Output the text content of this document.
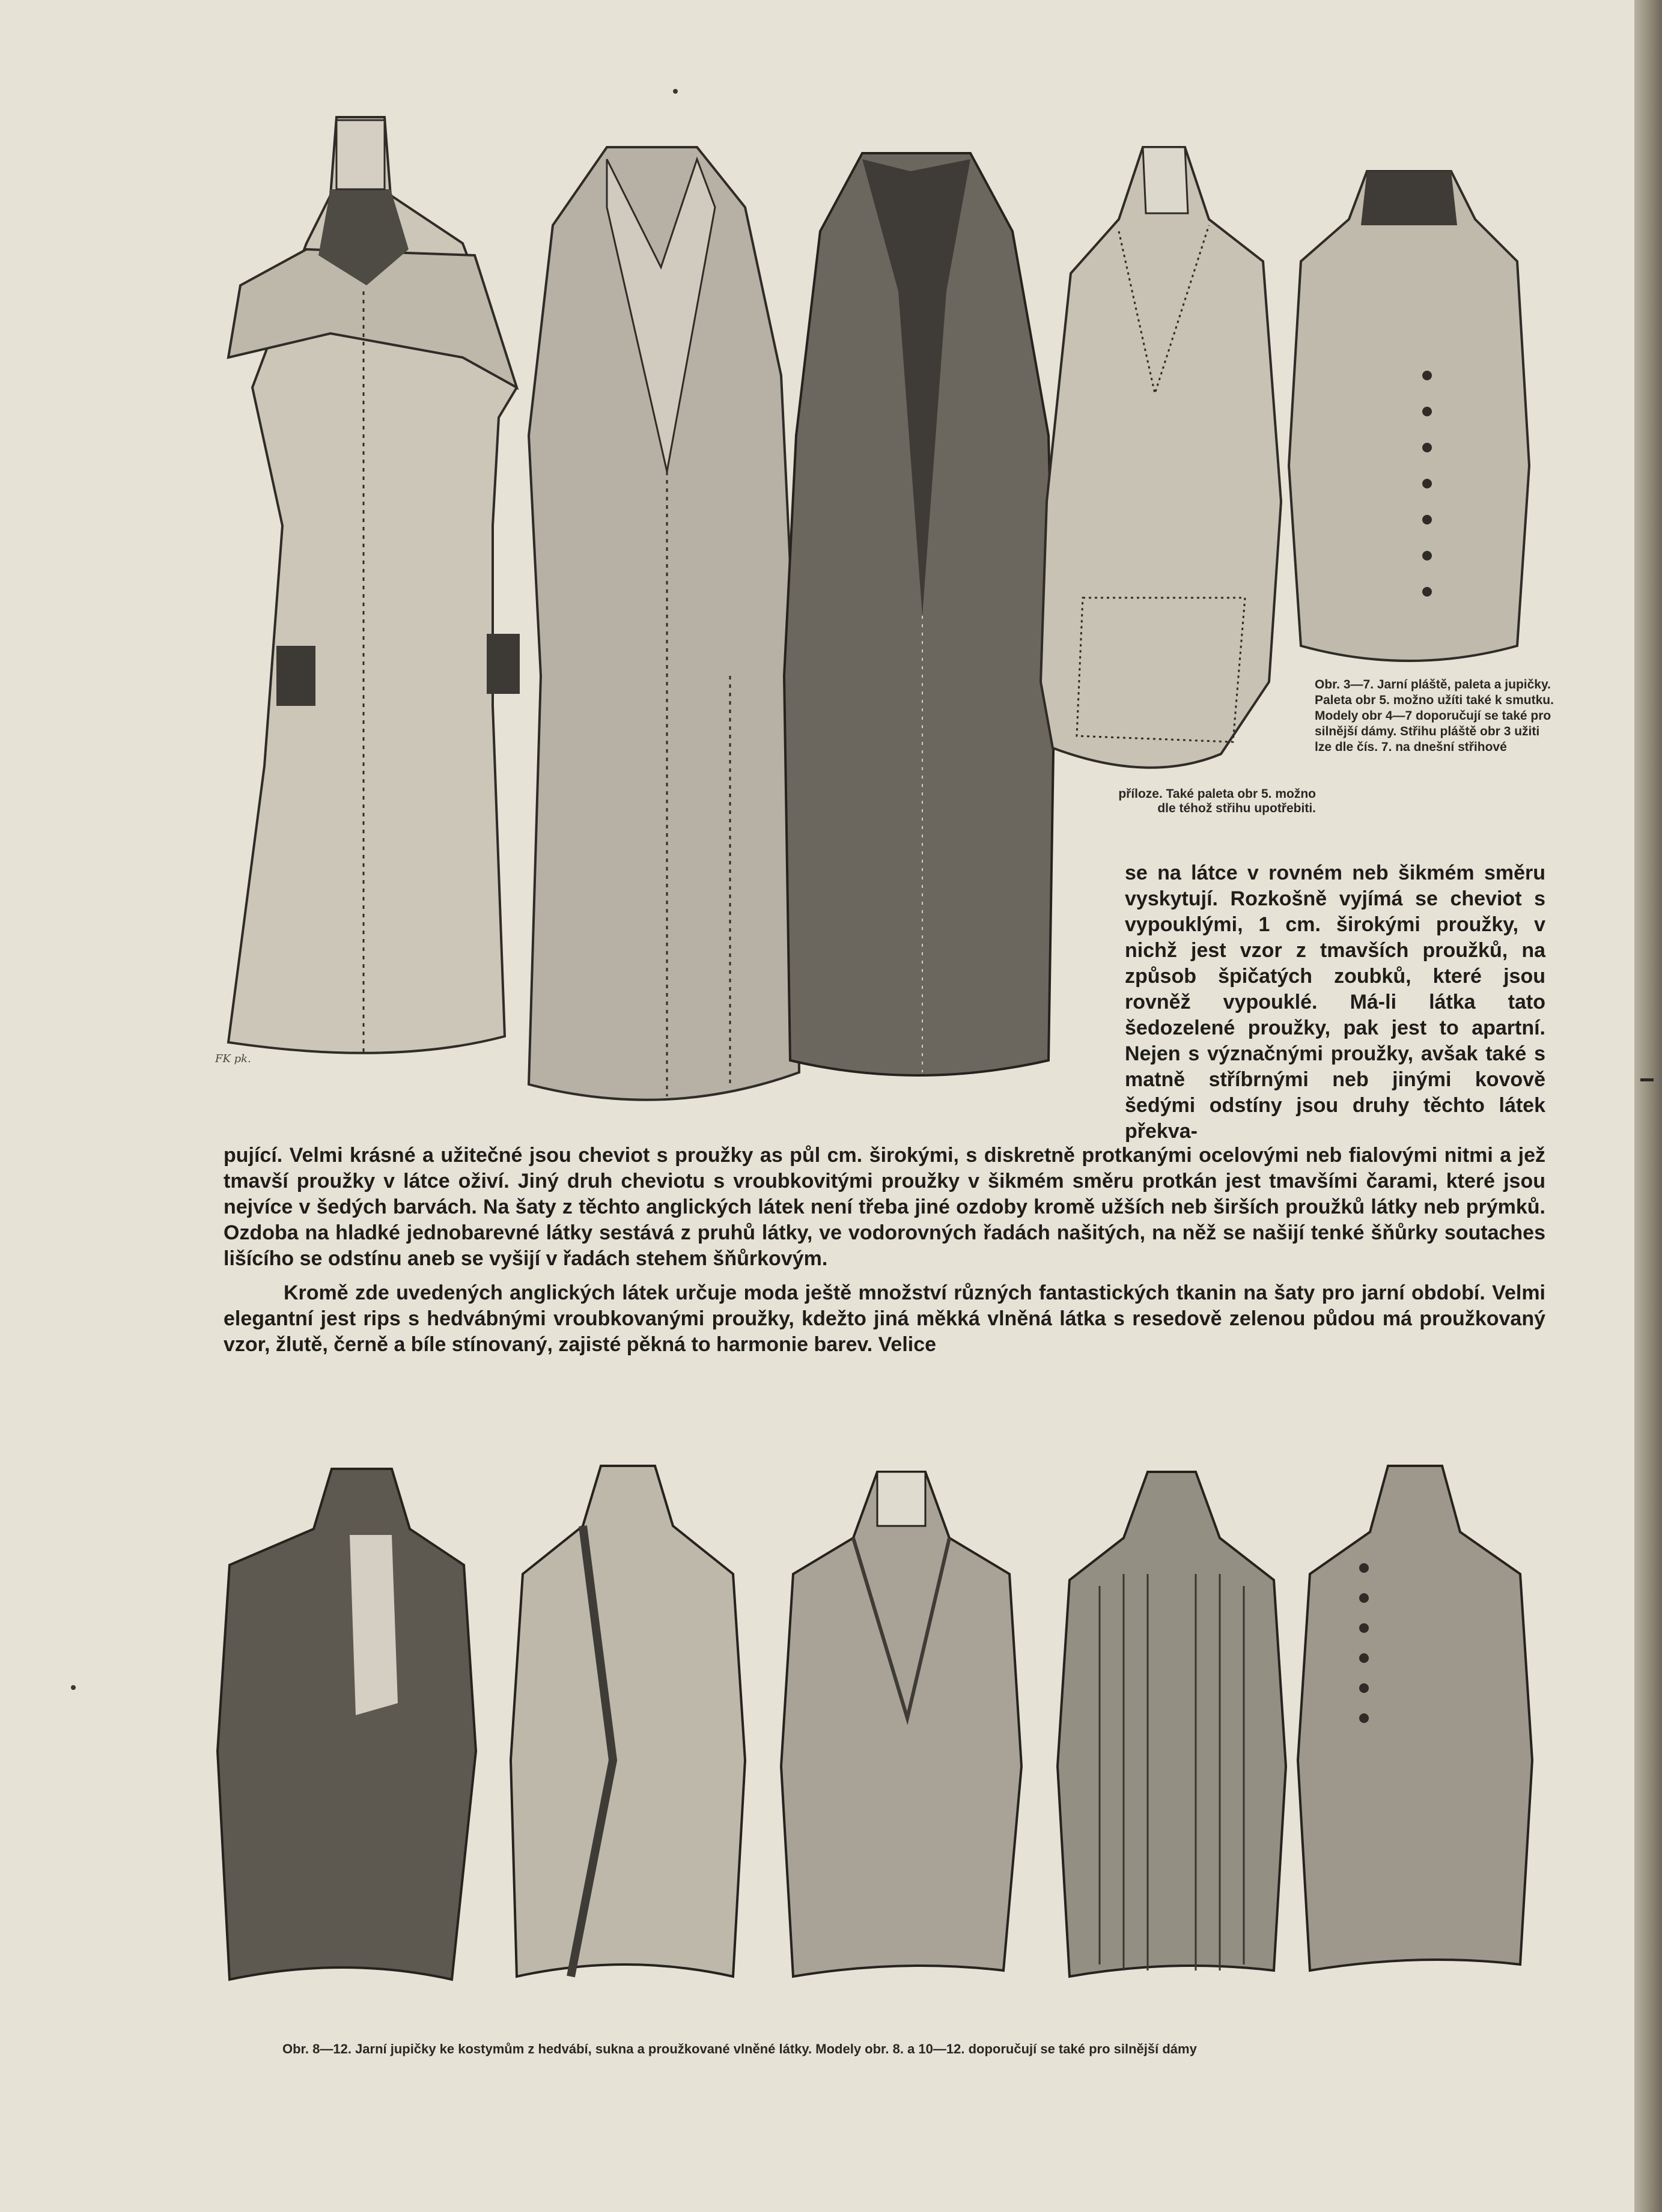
Obr. 3—7. Jarní pláště, paleta a jupičky. Paleta obr 5. možno užíti také k smutku. Modely obr 4—7 doporučují se také pro silnější dámy. Střihu pláště obr 3 užiti lze dle čís. 7. na dnešní střihové
příloze. Také paleta obr 5. možno dle téhož střihu upotřebiti.
FK pk.

se na látce v rovném neb šikmém směru vyskytují. Rozkošně vyjímá se cheviot s vypouklými, 1 cm. širokými proužky, v nichž jest vzor z tmavších proužků, na způsob špičatých zoubků, které jsou rovněž vypouklé. Má-li látka tato šedozelené proužky, pak jest to apartní. Nejen s význačnými proužky, avšak také s matně stříbrnými neb jinými kovově šedými odstíny jsou druhy těchto látek překva-

pující. Velmi krásné a užitečné jsou cheviot s proužky as půl cm. širokými, s diskretně protkanými ocelovými neb fialovými nitmi a jež tmavší proužky v látce oživí. Jiný druh cheviotu s vroubkovitými proužky v šikmém směru protkán jest tmavšími čarami, které jsou nejvíce v šedých barvách. Na šaty z těchto anglických látek není třeba jiné ozdoby kromě užších neb širších proužků látky neb prýmků. Ozdoba na hladké jednobarevné látky sestává z pruhů látky, ve vodorovných řadách našitých, na něž se našijí tenké šňůrky soutaches lišícího se odstínu aneb se vyšijí v řadách stehem šňůrkovým.

Kromě zde uvedených anglických látek určuje moda ještě množství různých fantastických tkanin na šaty pro jarní období. Velmi elegantní jest rips s hedvábnými vroubkovanými proužky, kdežto jiná měkká vlněná látka s resedově zelenou půdou má proužkovaný vzor, žlutě, černě a bíle stínovaný, zajisté pěkná to harmonie barev. Velice

Obr. 8—12. Jarní jupičky ke kostymům z hedvábí, sukna a proužkované vlněné látky. Modely obr. 8. a 10—12. doporučují se také pro silnější dámy
